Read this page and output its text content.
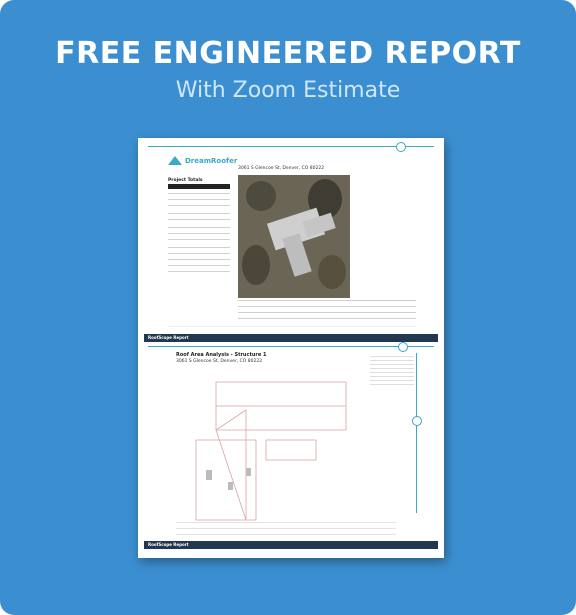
FREE ENGINEERED REPORT
With Zoom Estimate
DreamRoofer
3061 S Glencoe St, Denver, CO 80222
Project Totals
RoofScope Report
Roof Area Analysis - Structure 1
3061 S Glencoe St, Denver, CO 80222
RoofScope Report
